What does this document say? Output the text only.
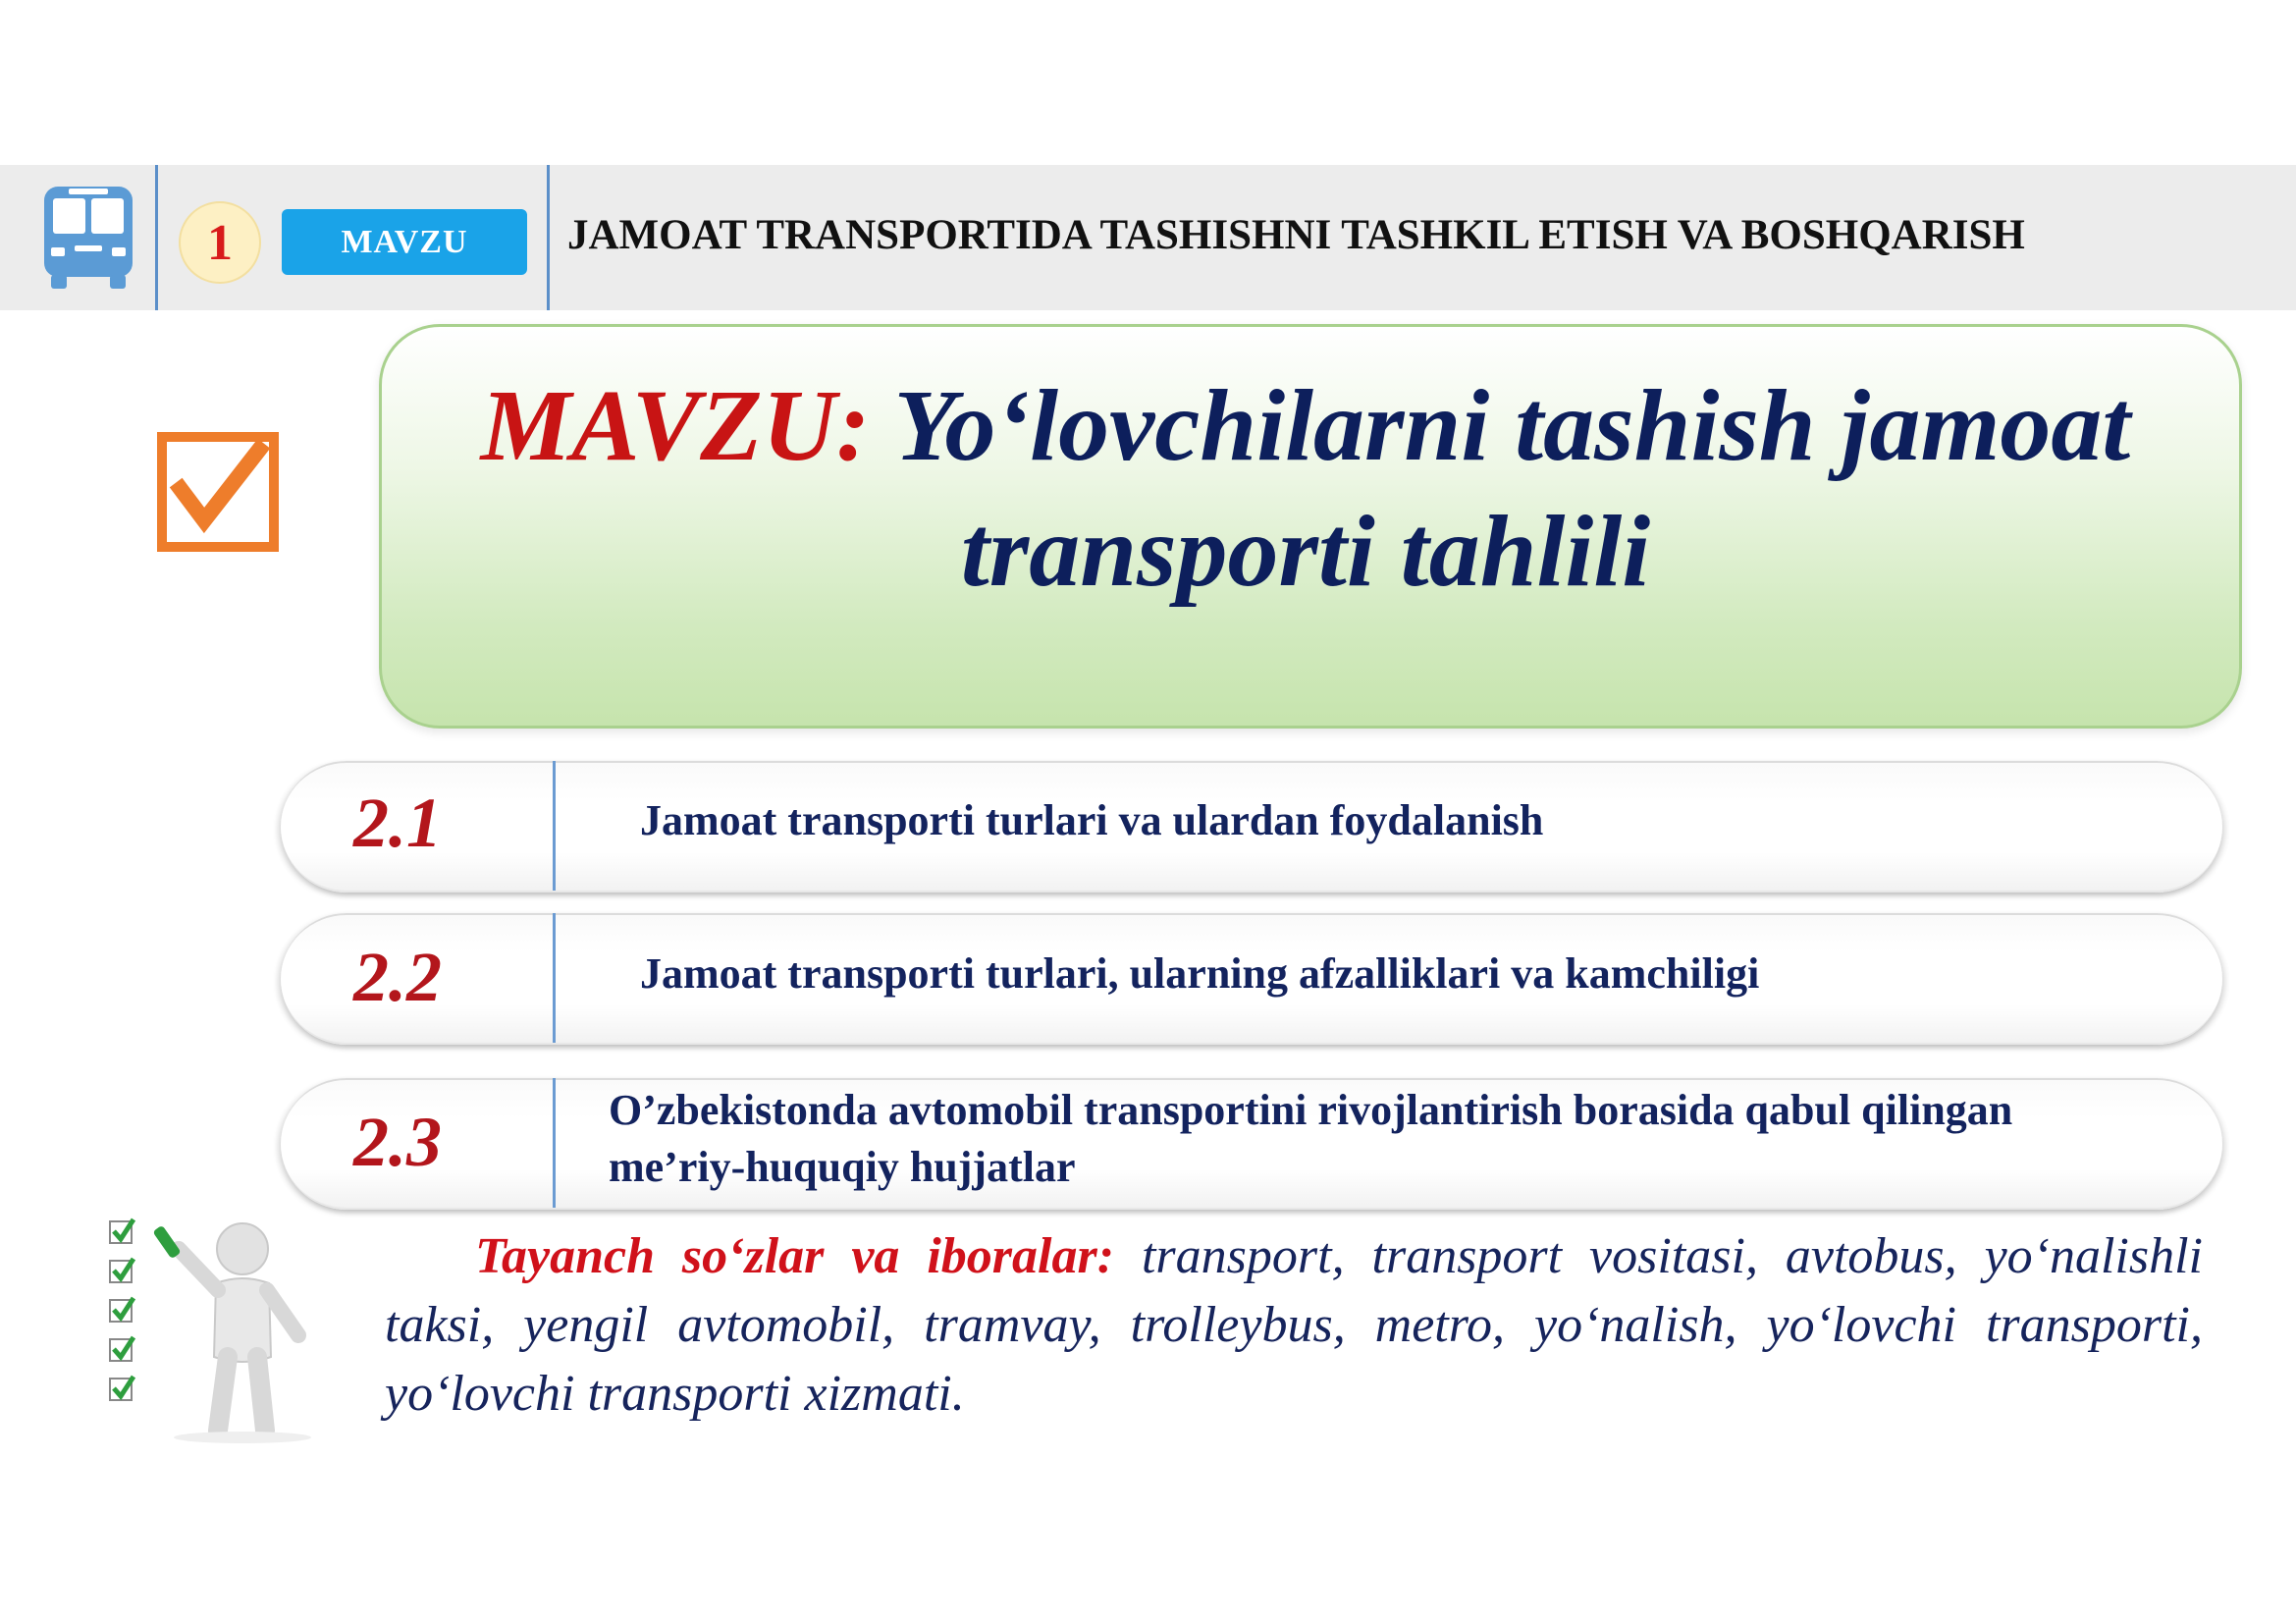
1	MAVZU	JAMOAT TRANSPORTIDA TASHISHNI TASHKIL ETISH VA BOSHQARISH
MAVZU: Yo‘lovchilarni tashish jamoat transporti tahlili
2.1	Jamoat transporti turlari va ulardan foydalanish
2.2	Jamoat transporti turlari, ularning afzalliklari va kamchiligi
2.3	O’zbekistonda avtomobil transportini rivojlantirish borasida qabul qilingan me’riy-huquqiy hujjatlar
Tayanch so‘zlar va iboralar: transport, transport vositasi, avtobus, yo‘nalishli taksi, yengil avtomobil, tramvay, trolleybus, metro, yo‘nalish, yo‘lovchi transporti, yo‘lovchi transporti xizmati.
